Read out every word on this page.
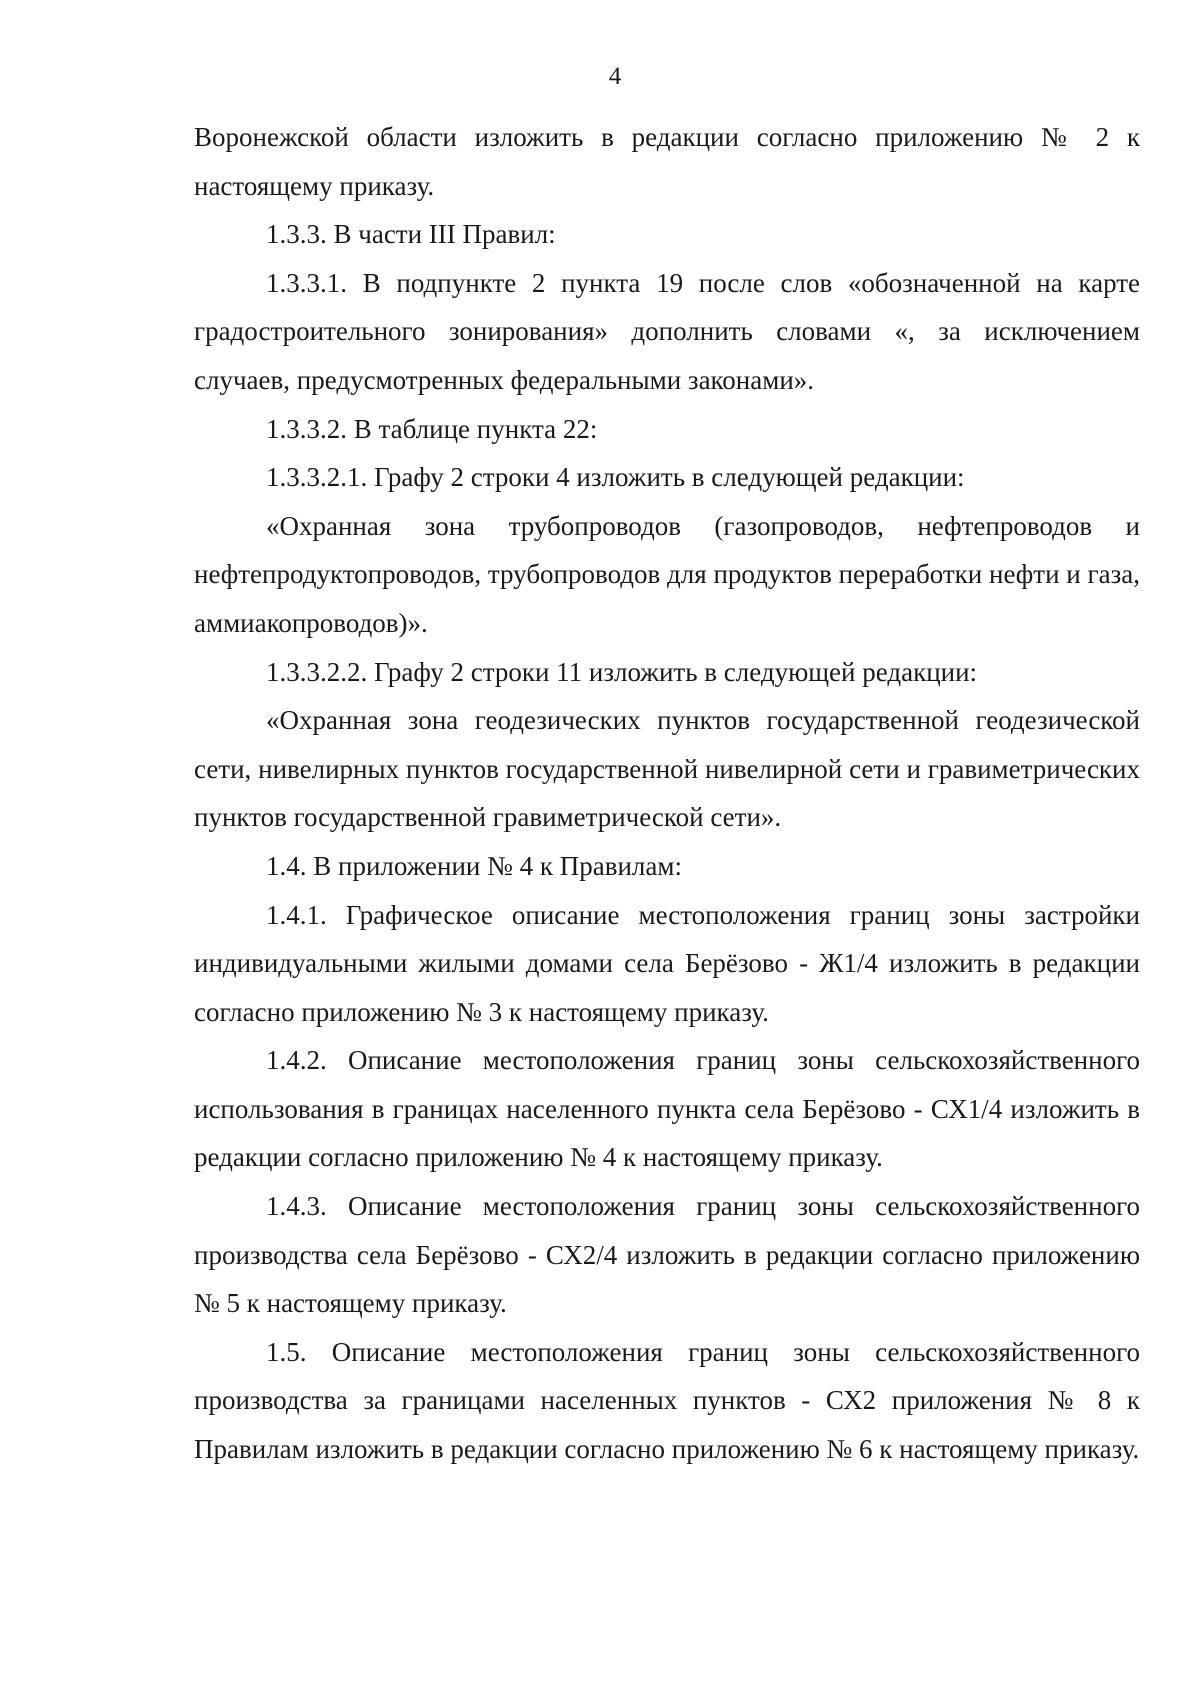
4

Воронежской области изложить в редакции согласно приложению № 2 к настоящему приказу.

1.3.3. В части III Правил:

1.3.3.1. В подпункте 2 пункта 19 после слов «обозначенной на карте градостроительного зонирования» дополнить словами «, за исключением случаев, предусмотренных федеральными законами».

1.3.3.2. В таблице пункта 22:

1.3.3.2.1. Графу 2 строки 4 изложить в следующей редакции:

«Охранная зона трубопроводов (газопроводов, нефтепроводов и нефтепродуктопроводов, трубопроводов для продуктов переработки нефти и газа, аммиакопроводов)».

1.3.3.2.2. Графу 2 строки 11 изложить в следующей редакции:

«Охранная зона геодезических пунктов государственной геодезической сети, нивелирных пунктов государственной нивелирной сети и гравиметрических пунктов государственной гравиметрической сети».

1.4. В приложении № 4 к Правилам:

1.4.1. Графическое описание местоположения границ зоны застройки индивидуальными жилыми домами села Берёзово - Ж1/4 изложить в редакции согласно приложению № 3 к настоящему приказу.

1.4.2. Описание местоположения границ зоны сельскохозяйственного использования в границах населенного пункта села Берёзово - СХ1/4 изложить в редакции согласно приложению № 4 к настоящему приказу.

1.4.3. Описание местоположения границ зоны сельскохозяйственного производства села Берёзово - СХ2/4 изложить в редакции согласно приложению № 5 к настоящему приказу.

1.5. Описание местоположения границ зоны сельскохозяйственного производства за границами населенных пунктов - СХ2 приложения № 8 к Правилам изложить в редакции согласно приложению № 6 к настоящему приказу.
